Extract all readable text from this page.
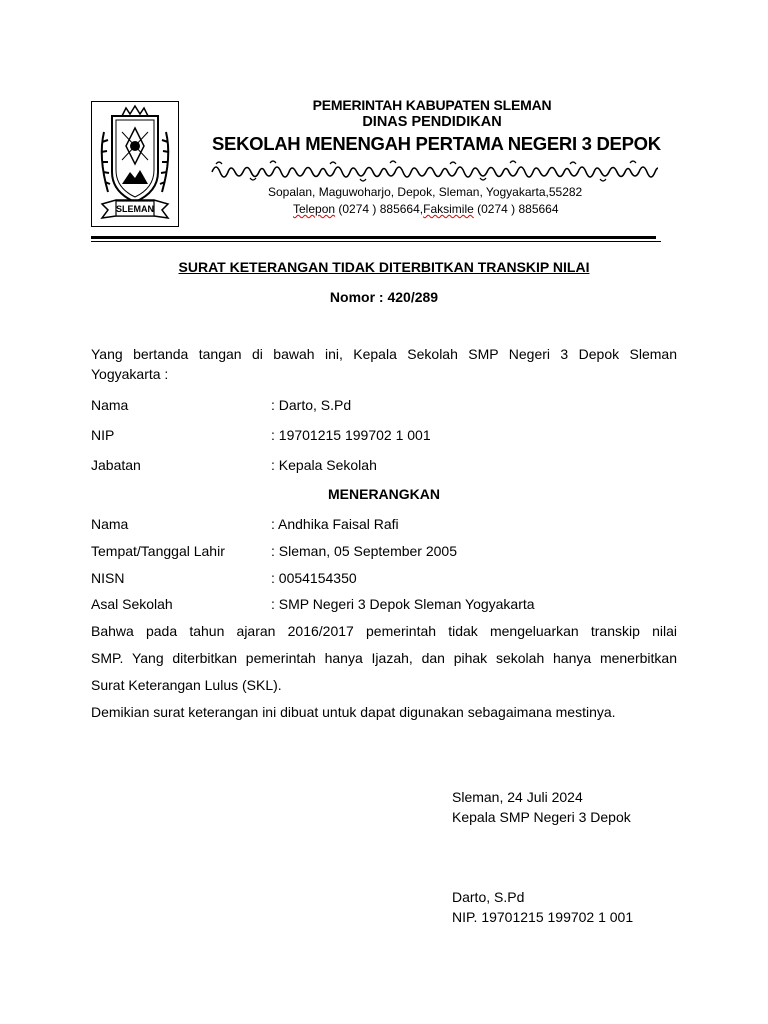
SLEMAN
PEMERINTAH KABUPATEN SLEMAN
DINAS PENDIDIKAN
SEKOLAH MENENGAH PERTAMA NEGERI 3 DEPOK
Sopalan, Maguwoharjo, Depok, Sleman, Yogyakarta,55282
Telepon (0274 ) 885664,Faksimile (0274 ) 885664
SURAT KETERANGAN TIDAK DITERBITKAN TRANSKIP NILAI
Nomor : 420/289
Yang bertanda tangan di bawah ini, Kepala Sekolah SMP Negeri 3 Depok Sleman
Yogyakarta :
Nama	: Darto, S.Pd
NIP	: 19701215 199702 1 001
Jabatan	: Kepala Sekolah
MENERANGKAN
Nama	: Andhika Faisal Rafi
Tempat/Tanggal Lahir	: Sleman, 05 September 2005
NISN	: 0054154350
Asal Sekolah	: SMP Negeri 3 Depok Sleman Yogyakarta
Bahwa pada tahun ajaran 2016/2017 pemerintah tidak mengeluarkan transkip nilai
SMP. Yang diterbitkan pemerintah hanya Ijazah, dan pihak sekolah hanya menerbitkan
Surat Keterangan Lulus (SKL).
Demikian surat keterangan ini dibuat untuk dapat digunakan sebagaimana mestinya.
Sleman, 24 Juli 2024
Kepala SMP Negeri 3 Depok
Darto, S.Pd
NIP. 19701215 199702 1 001
